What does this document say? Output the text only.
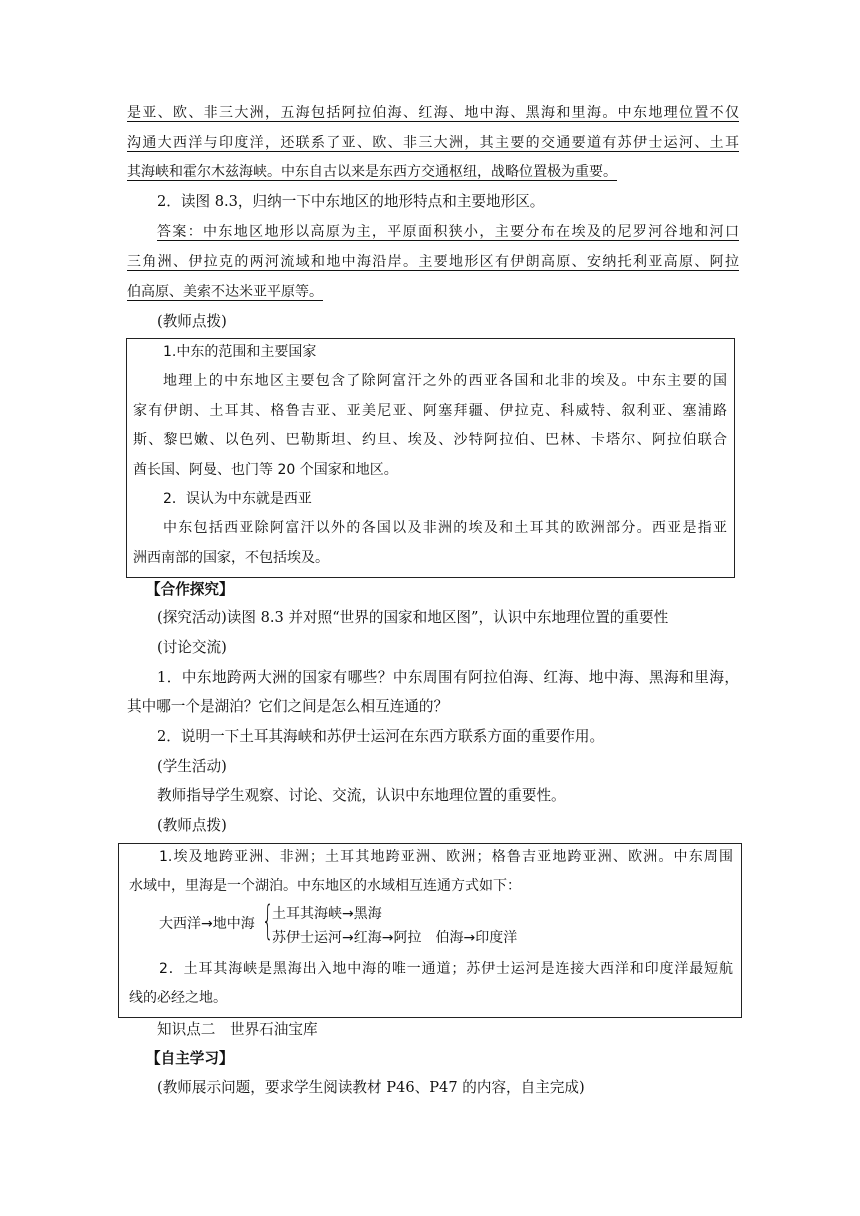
是亚、欧、非三大洲，五海包括阿拉伯海、红海、地中海、黑海和里海。中东地理位置不仅
沟通大西洋与印度洋，还联系了亚、欧、非三大洲，其主要的交通要道有苏伊士运河、土耳
其海峡和霍尔木兹海峡。中东自古以来是东西方交通枢纽，战略位置极为重要。
2．读图 8.3，归纳一下中东地区的地形特点和主要地形区。
答案：中东地区地形以高原为主，平原面积狭小，主要分布在埃及的尼罗河谷地和河口
三角洲、伊拉克的两河流域和地中海沿岸。主要地形区有伊朗高原、安纳托利亚高原、阿拉
伯高原、美索不达米亚平原等。
(教师点拨)
1.中东的范围和主要国家
地理上的中东地区主要包含了除阿富汗之外的西亚各国和北非的埃及。中东主要的国
家有伊朗、土耳其、格鲁吉亚、亚美尼亚、阿塞拜疆、伊拉克、科威特、叙利亚、塞浦路
斯、黎巴嫩、以色列、巴勒斯坦、约旦、埃及、沙特阿拉伯、巴林、卡塔尔、阿拉伯联合
酋长国、阿曼、也门等 20 个国家和地区。
2．误认为中东就是西亚
中东包括西亚除阿富汗以外的各国以及非洲的埃及和土耳其的欧洲部分。西亚是指亚
洲西南部的国家，不包括埃及。
【合作探究】
(探究活动)读图 8.3 并对照“世界的国家和地区图”，认识中东地理位置的重要性
(讨论交流)
1．中东地跨两大洲的国家有哪些？中东周围有阿拉伯海、红海、地中海、黑海和里海，
其中哪一个是湖泊？它们之间是怎么相互连通的？
2．说明一下土耳其海峡和苏伊士运河在东西方联系方面的重要作用。
(学生活动)
教师指导学生观察、讨论、交流，认识中东地理位置的重要性。
(教师点拨)
1.埃及地跨亚洲、非洲；土耳其地跨亚洲、欧洲；格鲁吉亚地跨亚洲、欧洲。中东周围
水域中，里海是一个湖泊。中东地区的水域相互连通方式如下：
大西洋→地中海 {
土耳其海峡→黑海
苏伊士运河→红海→阿拉　伯海→印度洋
2．土耳其海峡是黑海出入地中海的唯一通道；苏伊士运河是连接大西洋和印度洋最短航
线的必经之地。
知识点二　世界石油宝库
【自主学习】
(教师展示问题，要求学生阅读教材 P46、P47 的内容，自主完成)
